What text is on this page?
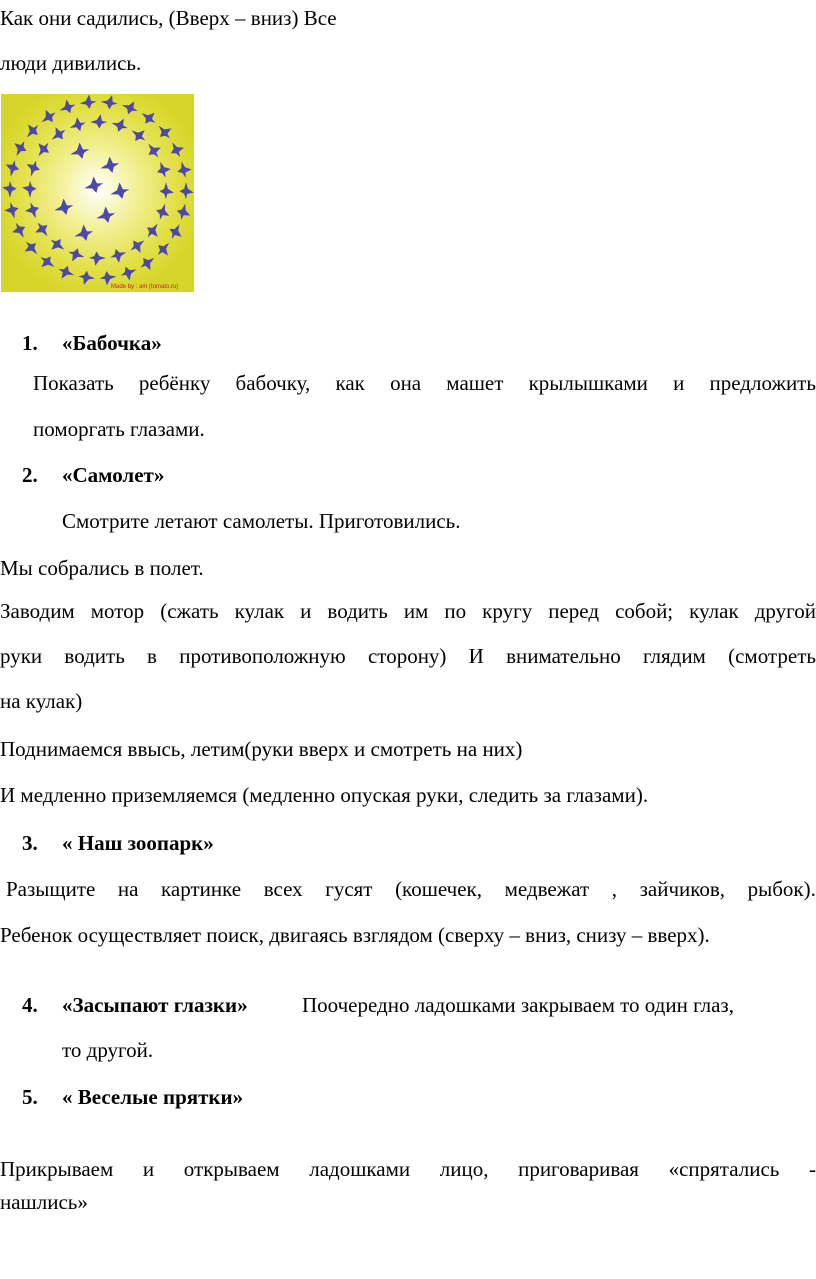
Как они садились, (Вверх – вниз) Все
люди дивились.
Made by : am (tomato.ru)
1. «Бабочка»
Показать ребёнку бабочку, как она машет крылышками и предложить
поморгать глазами.
2. «Самолет»
Смотрите летают самолеты. Приготовились.
Мы собрались в полет.
Заводим мотор (сжать кулак и водить им по кругу перед собой; кулак другой
руки водить в противоположную сторону) И внимательно глядим (смотреть
на кулак)
Поднимаемся ввысь, летим(руки вверх и смотреть на них)
И медленно приземляемся (медленно опуская руки, следить за глазами).
3. « Наш зоопарк»
Разыщите на картинке всех гусят (кошечек, медвежат , зайчиков, рыбок).
Ребенок осуществляет поиск, двигаясь взглядом (сверху – вниз, снизу – вверх).
4. «Засыпают глазки»	Поочередно ладошками закрываем то один глаз,
то другой.
5. « Веселые прятки»
Прикрываем и открываем ладошками лицо, приговаривая «спрятались -
нашлись»
